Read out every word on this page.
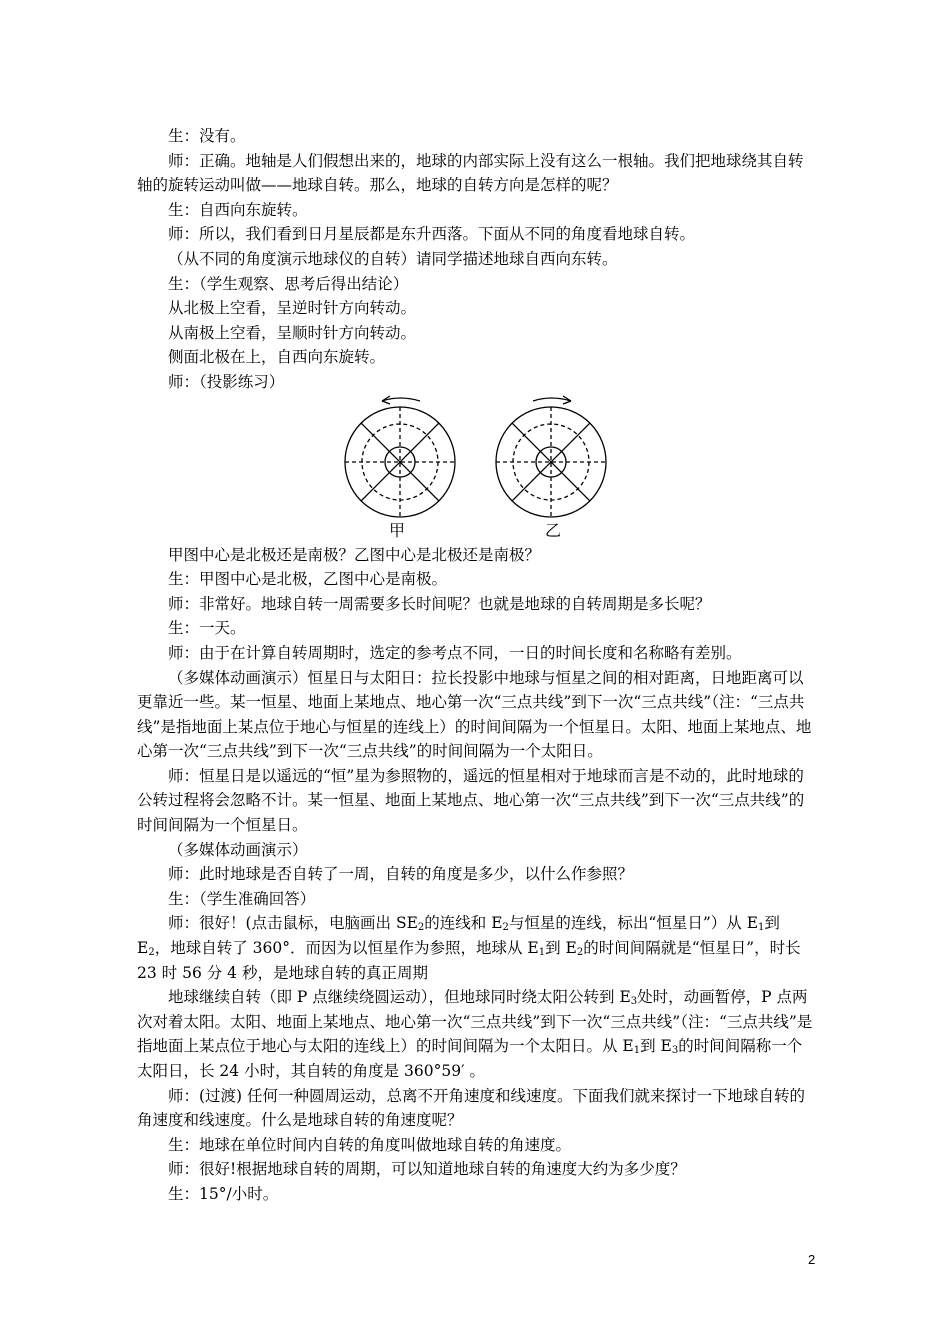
生：没有。

师：正确。地轴是人们假想出来的，地球的内部实际上没有这么一根轴。我们把地球绕其自转轴的旋转运动叫做——地球自转。那么，地球的自转方向是怎样的呢？

生：自西向东旋转。

师：所以，我们看到日月星辰都是东升西落。下面从不同的角度看地球自转。

（从不同的角度演示地球仪的自转）请同学描述地球自西向东转。

生：（学生观察、思考后得出结论）

从北极上空看，呈逆时针方向转动。

从南极上空看，呈顺时针方向转动。

侧面北极在上，自西向东旋转。

师：（投影练习）

甲	乙

甲图中心是北极还是南极？乙图中心是北极还是南极？

生：甲图中心是北极，乙图中心是南极。

师：非常好。地球自转一周需要多长时间呢？也就是地球的自转周期是多长呢？

生：一天。

师：由于在计算自转周期时，选定的参考点不同，一日的时间长度和名称略有差别。

（多媒体动画演示）恒星日与太阳日：拉长投影中地球与恒星之间的相对距离，日地距离可以更靠近一些。某一恒星、地面上某地点、地心第一次“三点共线”到下一次“三点共线”（注：“三点共线”是指地面上某点位于地心与恒星的连线上）的时间间隔为一个恒星日。太阳、地面上某地点、地心第一次“三点共线”到下一次“三点共线”的时间间隔为一个太阳日。

师：恒星日是以遥远的“恒”星为参照物的，遥远的恒星相对于地球而言是不动的，此时地球的公转过程将会忽略不计。某一恒星、地面上某地点、地心第一次“三点共线”到下一次“三点共线”的时间间隔为一个恒星日。

（多媒体动画演示）

师：此时地球是否自转了一周，自转的角度是多少，以什么作参照？

生：（学生准确回答）

师：很好！(点击鼠标，电脑画出 $SE_2$的连线和 $E_2$与恒星的连线，标出“恒星日”）从 $E_1$到 $E_2$，地球自转了 360°．而因为以恒星作为参照，地球从 $E_1$到 $E_2$的时间间隔就是“恒星日”，时长 23 时 56 分 4 秒，是地球自转的真正周期

地球继续自转（即 P 点继续绕圆运动），但地球同时绕太阳公转到 $E_3$处时，动画暂停，P 点两次对着太阳。太阳、地面上某地点、地心第一次“三点共线”到下一次“三点共线”（注：“三点共线”是指地面上某点位于地心与太阳的连线上）的时间间隔为一个太阳日。从 $E_1$到 $E_3$的时间间隔称一个太阳日，长 24 小时，其自转的角度是 360°59′ 。

师：(过渡) 任何一种圆周运动，总离不开角速度和线速度。下面我们就来探讨一下地球自转的角速度和线速度。什么是地球自转的角速度呢？

生：地球在单位时间内自转的角度叫做地球自转的角速度。

师：很好!根据地球自转的周期，可以知道地球自转的角速度大约为多少度？

生：15°/小时。

2
